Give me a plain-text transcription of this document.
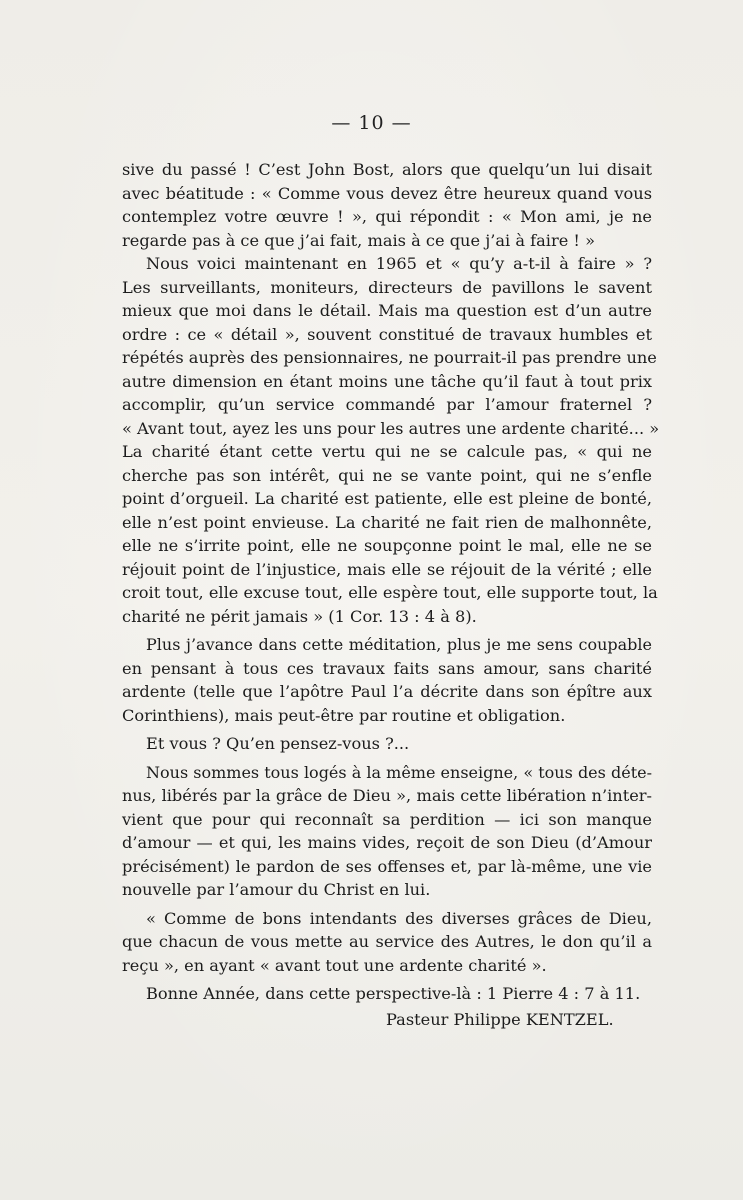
— 10 —
sive du passé ! C’est John Bost, alors que quelqu’un lui disait
avec béatitude : « Comme vous devez être heureux quand vous
contemplez votre œuvre ! », qui répondit : « Mon ami, je ne
regarde pas à ce que j’ai fait, mais à ce que j’ai à faire ! »
Nous voici maintenant en 1965 et « qu’y a-t-il à faire » ?
Les surveillants, moniteurs, directeurs de pavillons le savent
mieux que moi dans le détail. Mais ma question est d’un autre
ordre : ce « détail », souvent constitué de travaux humbles et
répétés auprès des pensionnaires, ne pourrait-il pas prendre une
autre dimension en étant moins une tâche qu’il faut à tout prix
accomplir, qu’un service commandé par l’amour fraternel ?
« Avant tout, ayez les uns pour les autres une ardente charité... »
La charité étant cette vertu qui ne se calcule pas, « qui ne
cherche pas son intérêt, qui ne se vante point, qui ne s’enfle
point d’orgueil. La charité est patiente, elle est pleine de bonté,
elle n’est point envieuse. La charité ne fait rien de malhonnête,
elle ne s’irrite point, elle ne soupçonne point le mal, elle ne se
réjouit point de l’injustice, mais elle se réjouit de la vérité ; elle
croit tout, elle excuse tout, elle espère tout, elle supporte tout, la
charité ne périt jamais » (1 Cor. 13 : 4 à 8).
Plus j’avance dans cette méditation, plus je me sens coupable
en pensant à tous ces travaux faits sans amour, sans charité
ardente (telle que l’apôtre Paul l’a décrite dans son épître aux
Corinthiens), mais peut-être par routine et obligation.
Et vous ? Qu’en pensez-vous ?...
Nous sommes tous logés à la même enseigne, « tous des déte-
nus, libérés par la grâce de Dieu », mais cette libération n’inter-
vient que pour qui reconnaît sa perdition — ici son manque
d’amour — et qui, les mains vides, reçoit de son Dieu (d’Amour
précisément) le pardon de ses offenses et, par là-même, une vie
nouvelle par l’amour du Christ en lui.
« Comme de bons intendants des diverses grâces de Dieu,
que chacun de vous mette au service des Autres, le don qu’il a
reçu », en ayant « avant tout une ardente charité ».
Bonne Année, dans cette perspective-là : 1 Pierre 4 : 7 à 11.
Pasteur Philippe KENTZEL.
